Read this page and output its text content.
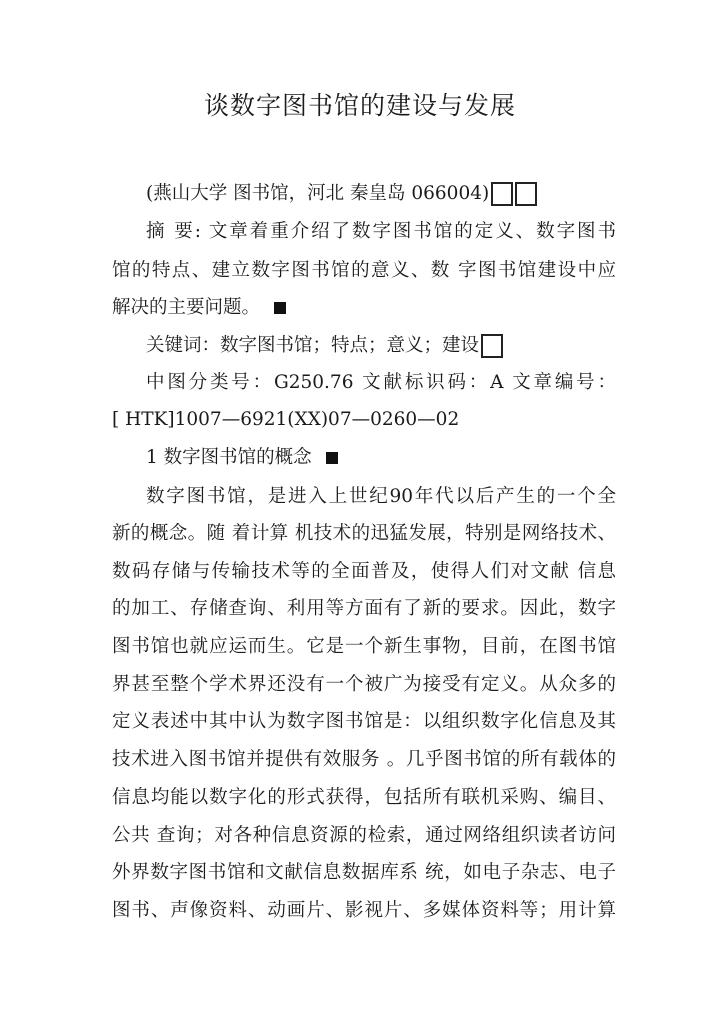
谈数字图书馆的建设与发展
(燕山大学 图书馆，河北 秦皇岛 066004)
摘 要: 文章着重介绍了数字图书馆的定义、数字图书
馆的特点、建立数字图书馆的意义、数 字图书馆建设中应
解决的主要问题。
关键词：数字图书馆；特点；意义；建设
中图分类号：G250.76 文献标识码：A 文章编号：
[ HTK]1007—6921(XX)07—0260—02
1 数字图书馆的概念
数字图书馆，是进入上世纪90年代以后产生的一个全
新的概念。随 着计算 机技术的迅猛发展，特别是网络技术、
数码存储与传输技术等的全面普及，使得人们对文献 信息
的加工、存储查询、利用等方面有了新的要求。因此，数字
图书馆也就应运而生。它是一个新生事物，目前，在图书馆
界甚至整个学术界还没有一个被广为接受有定义。从众多的
定义表述中其中认为数字图书馆是：以组织数字化信息及其
技术进入图书馆并提供有效服务 。几乎图书馆的所有载体的
信息均能以数字化的形式获得，包括所有联机采购、编目、
公共 查询；对各种信息资源的检索，通过网络组织读者访问
外界数字图书馆和文献信息数据库系 统，如电子杂志、电子
图书、声像资料、动画片、影视片、多媒体资料等；用计算
